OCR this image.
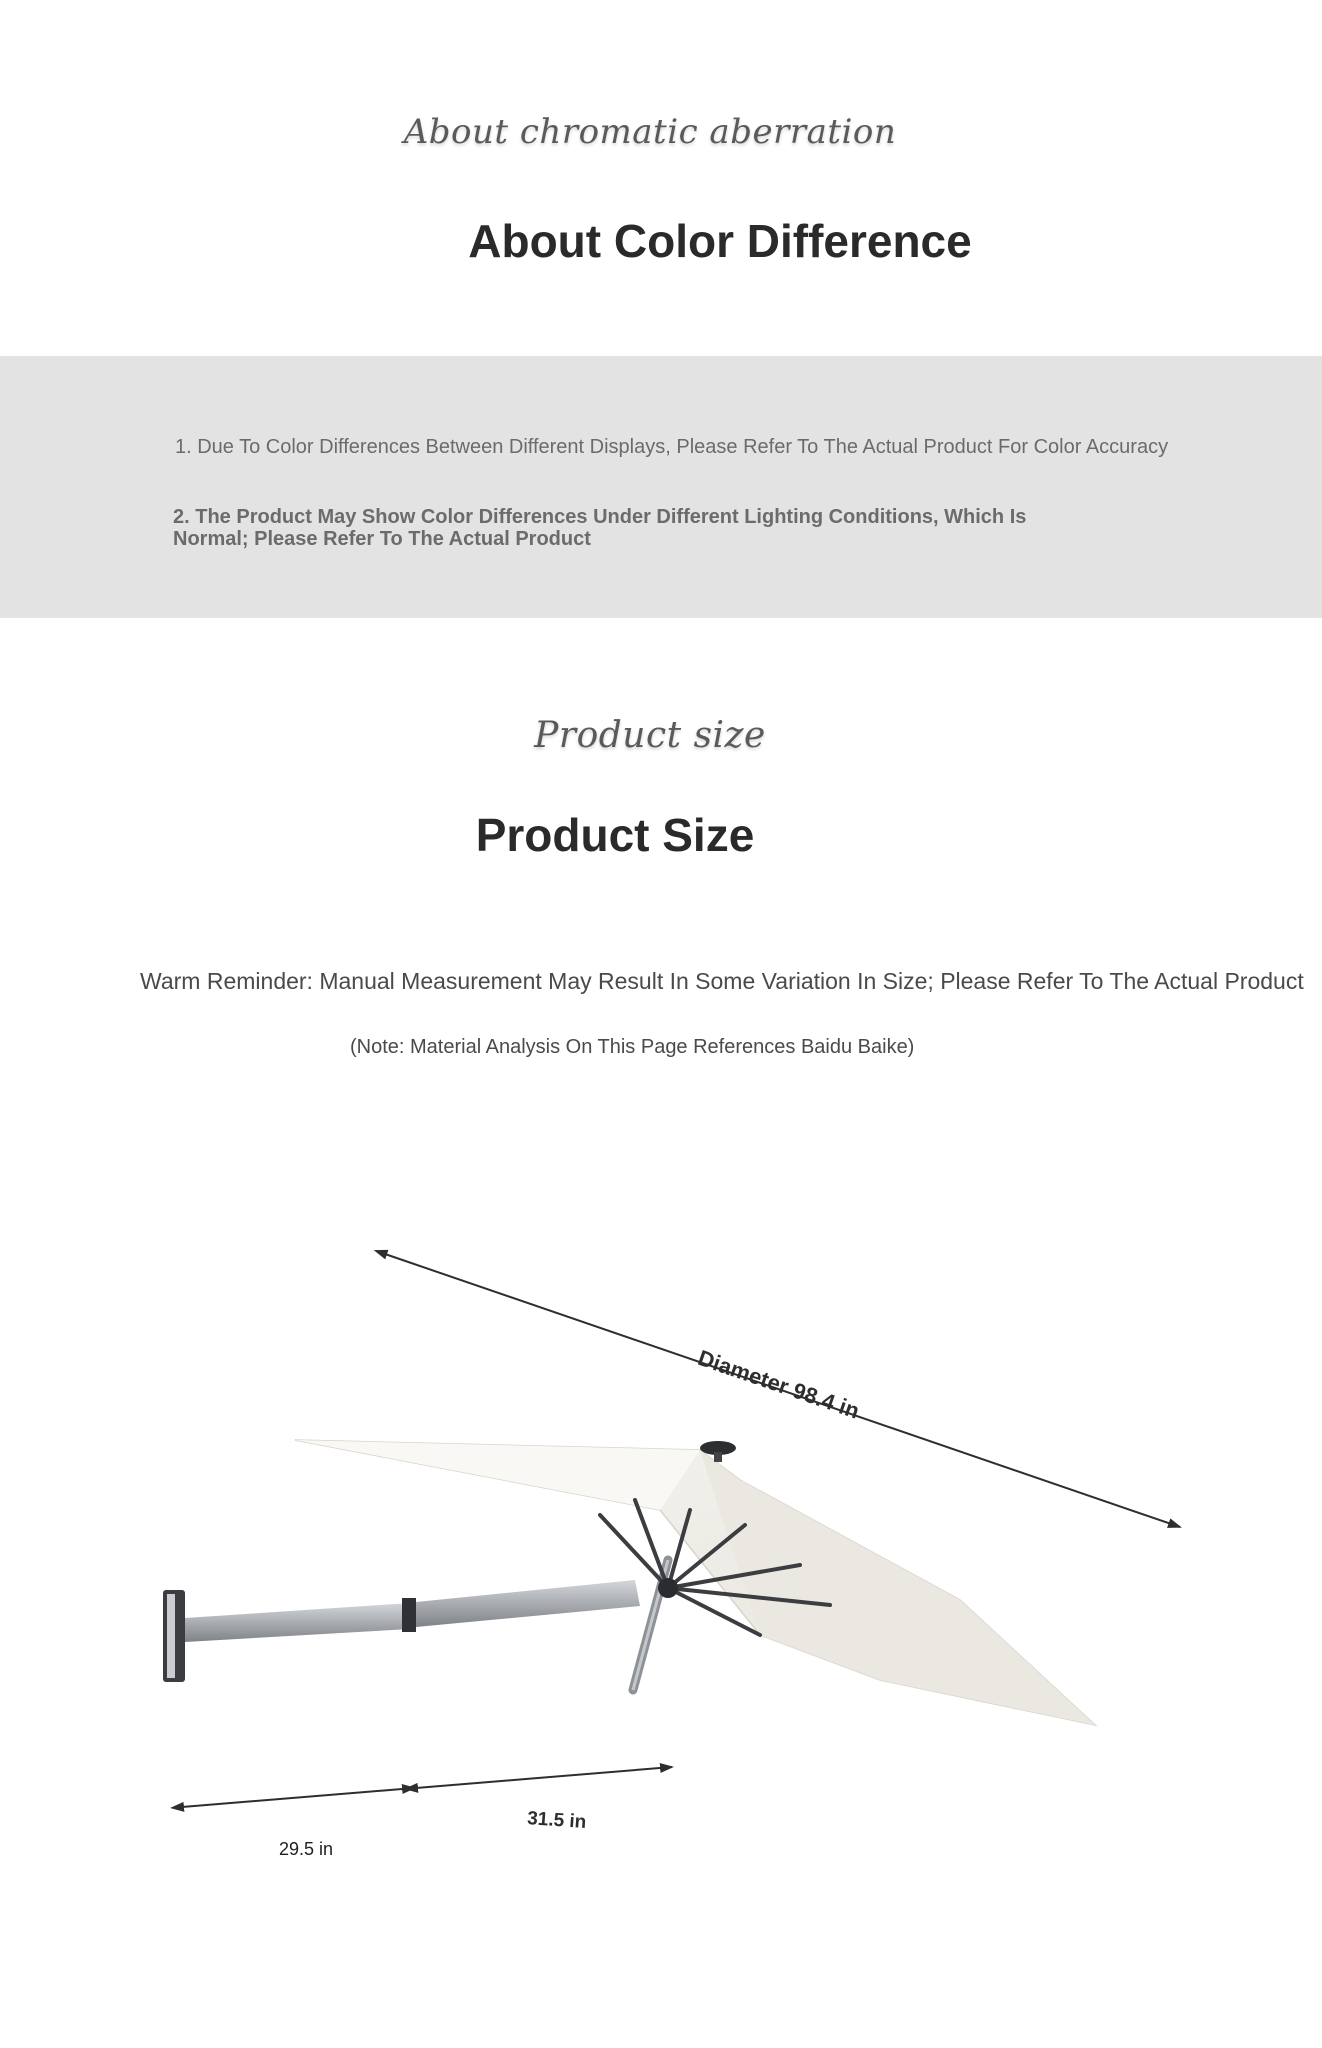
About chromatic aberration
About Color Difference
1. Due To Color Differences Between Different Displays, Please Refer To The Actual Product For Color Accuracy
2. The Product May Show Color Differences Under Different Lighting Conditions, Which Is Normal; Please Refer To The Actual Product
Product size
Product Size
Warm Reminder: Manual Measurement May Result In Some Variation In Size; Please Refer To The Actual Product
(Note: Material Analysis On This Page References Baidu Baike)
Diameter 98.4 in
29.5 in
31.5 in
